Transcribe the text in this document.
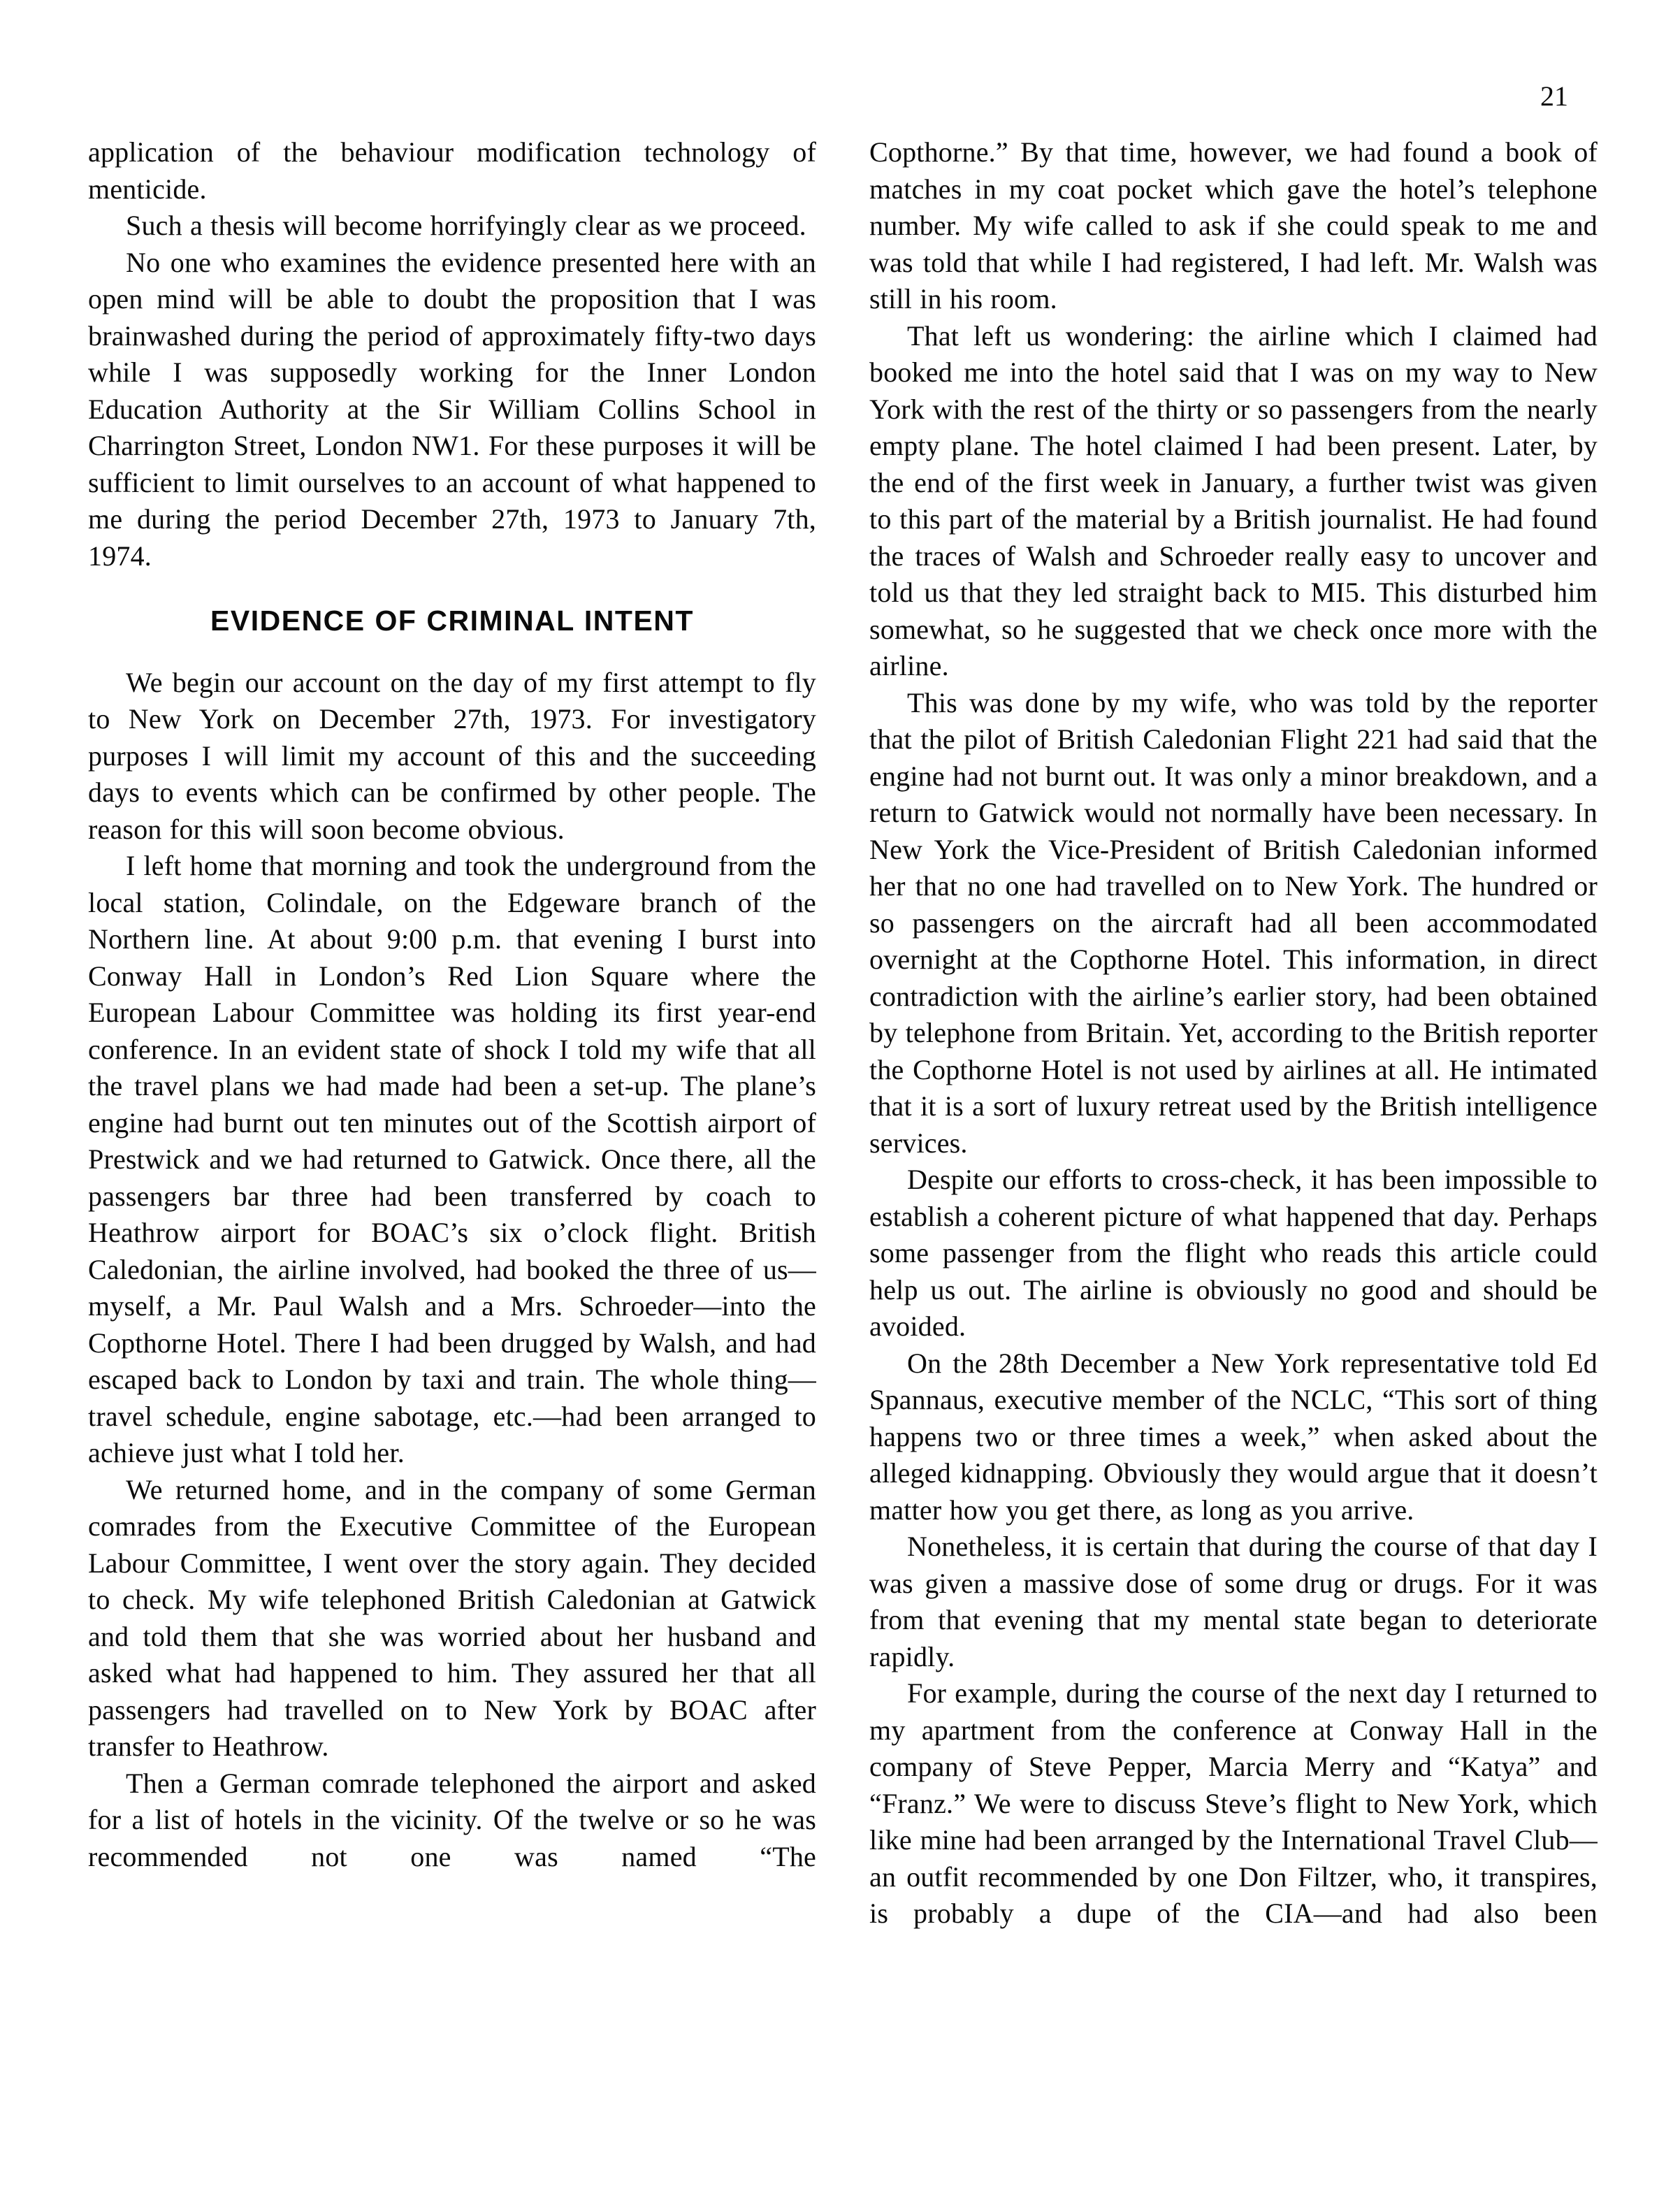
21

application of the behaviour modification technology of menticide.

Such a thesis will become horrifyingly clear as we proceed.

No one who examines the evidence presented here with an open mind will be able to doubt the proposition that I was brainwashed during the period of approximately fifty-two days while I was supposedly working for the Inner London Education Authority at the Sir William Collins School in Charrington Street, London NW1. For these purposes it will be sufficient to limit ourselves to an account of what happened to me during the period December 27th, 1973 to January 7th, 1974.

EVIDENCE OF CRIMINAL INTENT

We begin our account on the day of my first attempt to fly to New York on December 27th, 1973. For investigatory purposes I will limit my account of this and the succeeding days to events which can be confirmed by other people. The reason for this will soon become obvious.

I left home that morning and took the underground from the local station, Colindale, on the Edgeware branch of the Northern line. At about 9:00 p.m. that evening I burst into Conway Hall in London’s Red Lion Square where the European Labour Committee was holding its first year-end conference. In an evident state of shock I told my wife that all the travel plans we had made had been a set-up. The plane’s engine had burnt out ten minutes out of the Scottish airport of Prestwick and we had returned to Gatwick. Once there, all the passengers bar three had been transferred by coach to Heathrow airport for BOAC’s six o’clock flight. British Caledonian, the airline involved, had booked the three of us—myself, a Mr. Paul Walsh and a Mrs. Schroeder—into the Copthorne Hotel. There I had been drugged by Walsh, and had escaped back to London by taxi and train. The whole thing—travel schedule, engine sabotage, etc.—had been arranged to achieve just what I told her.

We returned home, and in the company of some German comrades from the Executive Committee of the European Labour Committee, I went over the story again. They decided to check. My wife telephoned British Caledonian at Gatwick and told them that she was worried about her husband and asked what had happened to him. They assured her that all passengers had travelled on to New York by BOAC after transfer to Heathrow.

Then a German comrade telephoned the airport and asked for a list of hotels in the vicinity. Of the twelve or so he was recommended not one was named “The

Copthorne.” By that time, however, we had found a book of matches in my coat pocket which gave the hotel’s telephone number. My wife called to ask if she could speak to me and was told that while I had registered, I had left. Mr. Walsh was still in his room.

That left us wondering: the airline which I claimed had booked me into the hotel said that I was on my way to New York with the rest of the thirty or so passengers from the nearly empty plane. The hotel claimed I had been present. Later, by the end of the first week in January, a further twist was given to this part of the material by a British journalist. He had found the traces of Walsh and Schroeder really easy to uncover and told us that they led straight back to MI5. This disturbed him somewhat, so he suggested that we check once more with the airline.

This was done by my wife, who was told by the reporter that the pilot of British Caledonian Flight 221 had said that the engine had not burnt out. It was only a minor breakdown, and a return to Gatwick would not normally have been necessary. In New York the Vice-President of British Caledonian informed her that no one had travelled on to New York. The hundred or so passengers on the aircraft had all been accommodated overnight at the Copthorne Hotel. This information, in direct contradiction with the airline’s earlier story, had been obtained by telephone from Britain. Yet, according to the British reporter the Copthorne Hotel is not used by airlines at all. He intimated that it is a sort of luxury retreat used by the British intelligence services.

Despite our efforts to cross-check, it has been impossible to establish a coherent picture of what happened that day. Perhaps some passenger from the flight who reads this article could help us out. The airline is obviously no good and should be avoided.

On the 28th December a New York representative told Ed Spannaus, executive member of the NCLC, “This sort of thing happens two or three times a week,” when asked about the alleged kidnapping. Obviously they would argue that it doesn’t matter how you get there, as long as you arrive.

Nonetheless, it is certain that during the course of that day I was given a massive dose of some drug or drugs. For it was from that evening that my mental state began to deteriorate rapidly.

For example, during the course of the next day I returned to my apartment from the conference at Conway Hall in the company of Steve Pepper, Marcia Merry and “Katya” and “Franz.” We were to discuss Steve’s flight to New York, which like mine had been arranged by the International Travel Club—an outfit recommended by one Don Filtzer, who, it transpires, is probably a dupe of the CIA—and had also been
